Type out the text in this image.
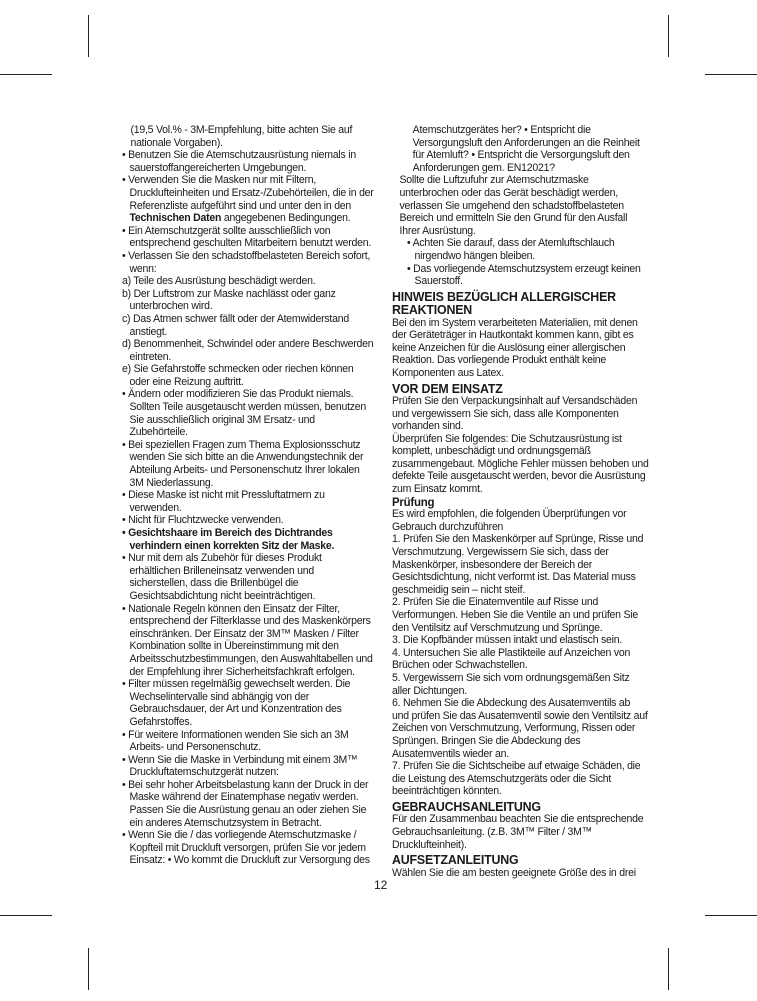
(19,5 Vol.% - 3M-Empfehlung, bitte achten Sie auf nationale Vorgaben).

• Benutzen Sie die Atemschutzausrüstung niemals in sauerstoffangereicherten Umgebungen.

• Verwenden Sie die Masken nur mit Filtern, Drucklufteinheiten und Ersatz-/Zubehörteilen, die in der Referenzliste aufgeführt sind und unter den in den Technischen Daten angegebenen Bedingungen.

• Ein Atemschutzgerät sollte ausschließlich von entsprechend geschulten Mitarbeitern benutzt werden.

• Verlassen Sie den schadstoffbelasteten Bereich sofort, wenn:

a) Teile des Ausrüstung beschädigt werden.

b) Der Luftstrom zur Maske nachlässt oder ganz unterbrochen wird.

c) Das Atmen schwer fällt oder der Atemwiderstand anstiegt.

d) Benommenheit, Schwindel oder andere Beschwerden eintreten.

e) Sie Gefahrstoffe schmecken oder riechen können oder eine Reizung auftritt.

• Ändern oder modifizieren Sie das Produkt niemals. Sollten Teile ausgetauscht werden müssen, benutzen Sie ausschließlich original 3M Ersatz- und Zubehörteile.

• Bei speziellen Fragen zum Thema Explosionsschutz wenden Sie sich bitte an die Anwendungstechnik der Abteilung Arbeits- und Personenschutz Ihrer lokalen 3M Niederlassung.

• Diese Maske ist nicht mit Pressluftatmern zu verwenden.

• Nicht für Fluchtzwecke verwenden.

• Gesichtshaare im Bereich des Dichtrandes verhindern einen korrekten Sitz der Maske.

• Nur mit dem als Zubehör für dieses Produkt erhältlichen Brilleneinsatz verwenden und sicherstellen, dass die Brillenbügel die Gesichtsabdichtung nicht beeinträchtigen.

• Nationale Regeln können den Einsatz der Filter, entsprechend der Filterklasse und des Maskenkörpers einschränken. Der Einsatz der 3M™ Masken / Filter Kombination sollte in Übereinstimmung mit den Arbeitsschutzbestimmungen, den Auswahltabellen und der Empfehlung ihrer Sicherheitsfachkraft erfolgen.

• Filter müssen regelmäßig gewechselt werden. Die Wechselintervalle sind abhängig von der Gebrauchsdauer, der Art und Konzentration des Gefahrstoffes.

• Für weitere Informationen wenden Sie sich an 3M Arbeits- und Personenschutz.

• Wenn Sie die Maske in Verbindung mit einem 3M™ Druckluftatemschutzgerät nutzen:

• Bei sehr hoher Arbeitsbelastung kann der Druck in der Maske während der Einatemphase negativ werden. Passen Sie die Ausrüstung genau an oder ziehen Sie ein anderes Atemschutzsystem in Betracht.

• Wenn Sie die / das vorliegende Atemschutzmaske / Kopfteil mit Druckluft versorgen, prüfen Sie vor jedem Einsatz: • Wo kommt die Druckluft zur Versorgung des

Atemschutzgerätes her? • Entspricht die Versorgungsluft den Anforderungen an die Reinheit für Atemluft? • Entspricht die Versorgungsluft den Anforderungen gem. EN12021?

Sollte die Luftzufuhr zur Atemschutzmaske unterbrochen oder das Gerät beschädigt werden, verlassen Sie umgehend den schadstoffbelasteten Bereich und ermitteln Sie den Grund für den Ausfall Ihrer Ausrüstung.

• Achten Sie darauf, dass der Atemluftschlauch nirgendwo hängen bleiben.

• Das vorliegende Atemschutzsystem erzeugt keinen Sauerstoff.

HINWEIS BEZÜGLICH ALLERGISCHER REAKTIONEN

Bei den im System verarbeiteten Materialien, mit denen der Geräteträger in Hautkontakt kommen kann, gibt es keine Anzeichen für die Auslösung einer allergischen Reaktion. Das vorliegende Produkt enthält keine Komponenten aus Latex.

VOR DEM EINSATZ

Prüfen Sie den Verpackungsinhalt auf Versandschäden und vergewissern Sie sich, dass alle Komponenten vorhanden sind.

Überprüfen Sie folgendes: Die Schutzausrüstung ist komplett, unbeschädigt und ordnungsgemäß zusammengebaut. Mögliche Fehler müssen behoben und defekte Teile ausgetauscht werden, bevor die Ausrüstung zum Einsatz kommt.

Prüfung

Es wird empfohlen, die folgenden Überprüfungen vor Gebrauch durchzuführen

1. Prüfen Sie den Maskenkörper auf Sprünge, Risse und Verschmutzung. Vergewissern Sie sich, dass der Maskenkörper, insbesondere der Bereich der Gesichtsdichtung, nicht verformt ist. Das Material muss geschmeidig sein – nicht steif.

2. Prüfen Sie die Einatemventile auf Risse und Verformungen. Heben Sie die Ventile an und prüfen Sie den Ventilsitz auf Verschmutzung und Sprünge.

3. Die Kopfbänder müssen intakt und elastisch sein.

4. Untersuchen Sie alle Plastikteile auf Anzeichen von Brüchen oder Schwachstellen.

5. Vergewissern Sie sich vom ordnungsgemäßen Sitz aller Dichtungen.

6. Nehmen Sie die Abdeckung des Ausatemventils ab und prüfen Sie das Ausatemventil sowie den Ventilsitz auf Zeichen von Verschmutzung, Verformung, Rissen oder Sprüngen. Bringen Sie die Abdeckung des Ausatemventils wieder an.

7. Prüfen Sie die Sichtscheibe auf etwaige Schäden, die die Leistung des Atemschutzgeräts oder die Sicht beeinträchtigen könnten.

GEBRAUCHSANLEITUNG

Für den Zusammenbau beachten Sie die entsprechende Gebrauchsanleitung. (z.B. 3M™ Filter / 3M™ Drucklufteinheit).

AUFSETZANLEITUNG

Wählen Sie die am besten geeignete Größe des in drei

12
